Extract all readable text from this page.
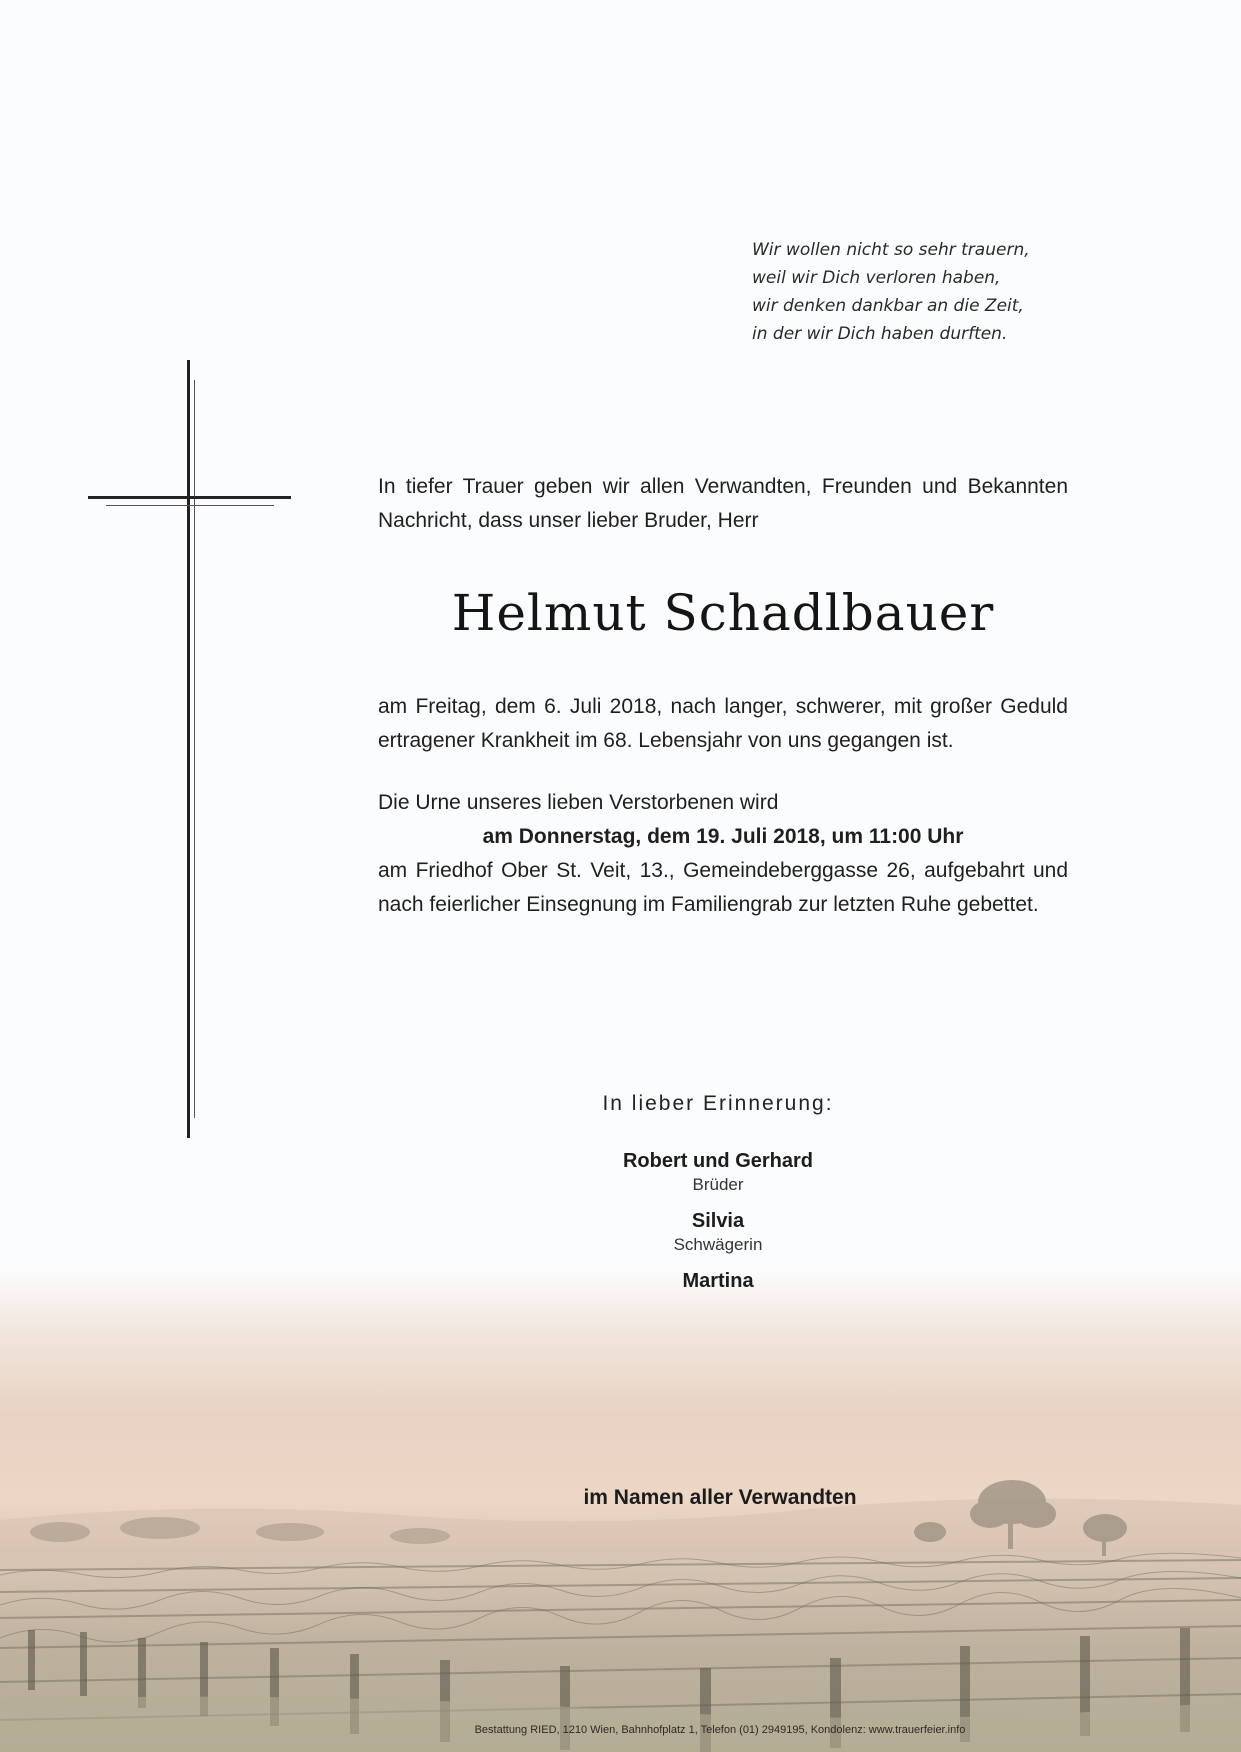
Wir wollen nicht so sehr trauern,
weil wir Dich verloren haben,
wir denken dankbar an die Zeit,
in der wir Dich haben durften.
In tiefer Trauer geben wir allen Verwandten, Freunden und Bekannten Nachricht, dass unser lieber Bruder, Herr
Helmut Schadlbauer
am Freitag, dem 6. Juli 2018, nach langer, schwerer, mit großer Geduld ertragener Krankheit im 68. Lebensjahr von uns gegangen ist.
Die Urne unseres lieben Verstorbenen wird
am Donnerstag, dem 19. Juli 2018, um 11:00 Uhr
am Friedhof Ober St. Veit, 13., Gemeindeberggasse 26, aufgebahrt und nach feierlicher Einsegnung im Familiengrab zur letzten Ruhe gebettet.
In lieber Erinnerung:
Robert und Gerhard
Brüder
Silvia
Schwägerin
Martina
im Namen aller Verwandten
Bestattung RIED, 1210 Wien, Bahnhofplatz 1, Telefon (01) 2949195, Kondolenz: www.trauerfeier.info
